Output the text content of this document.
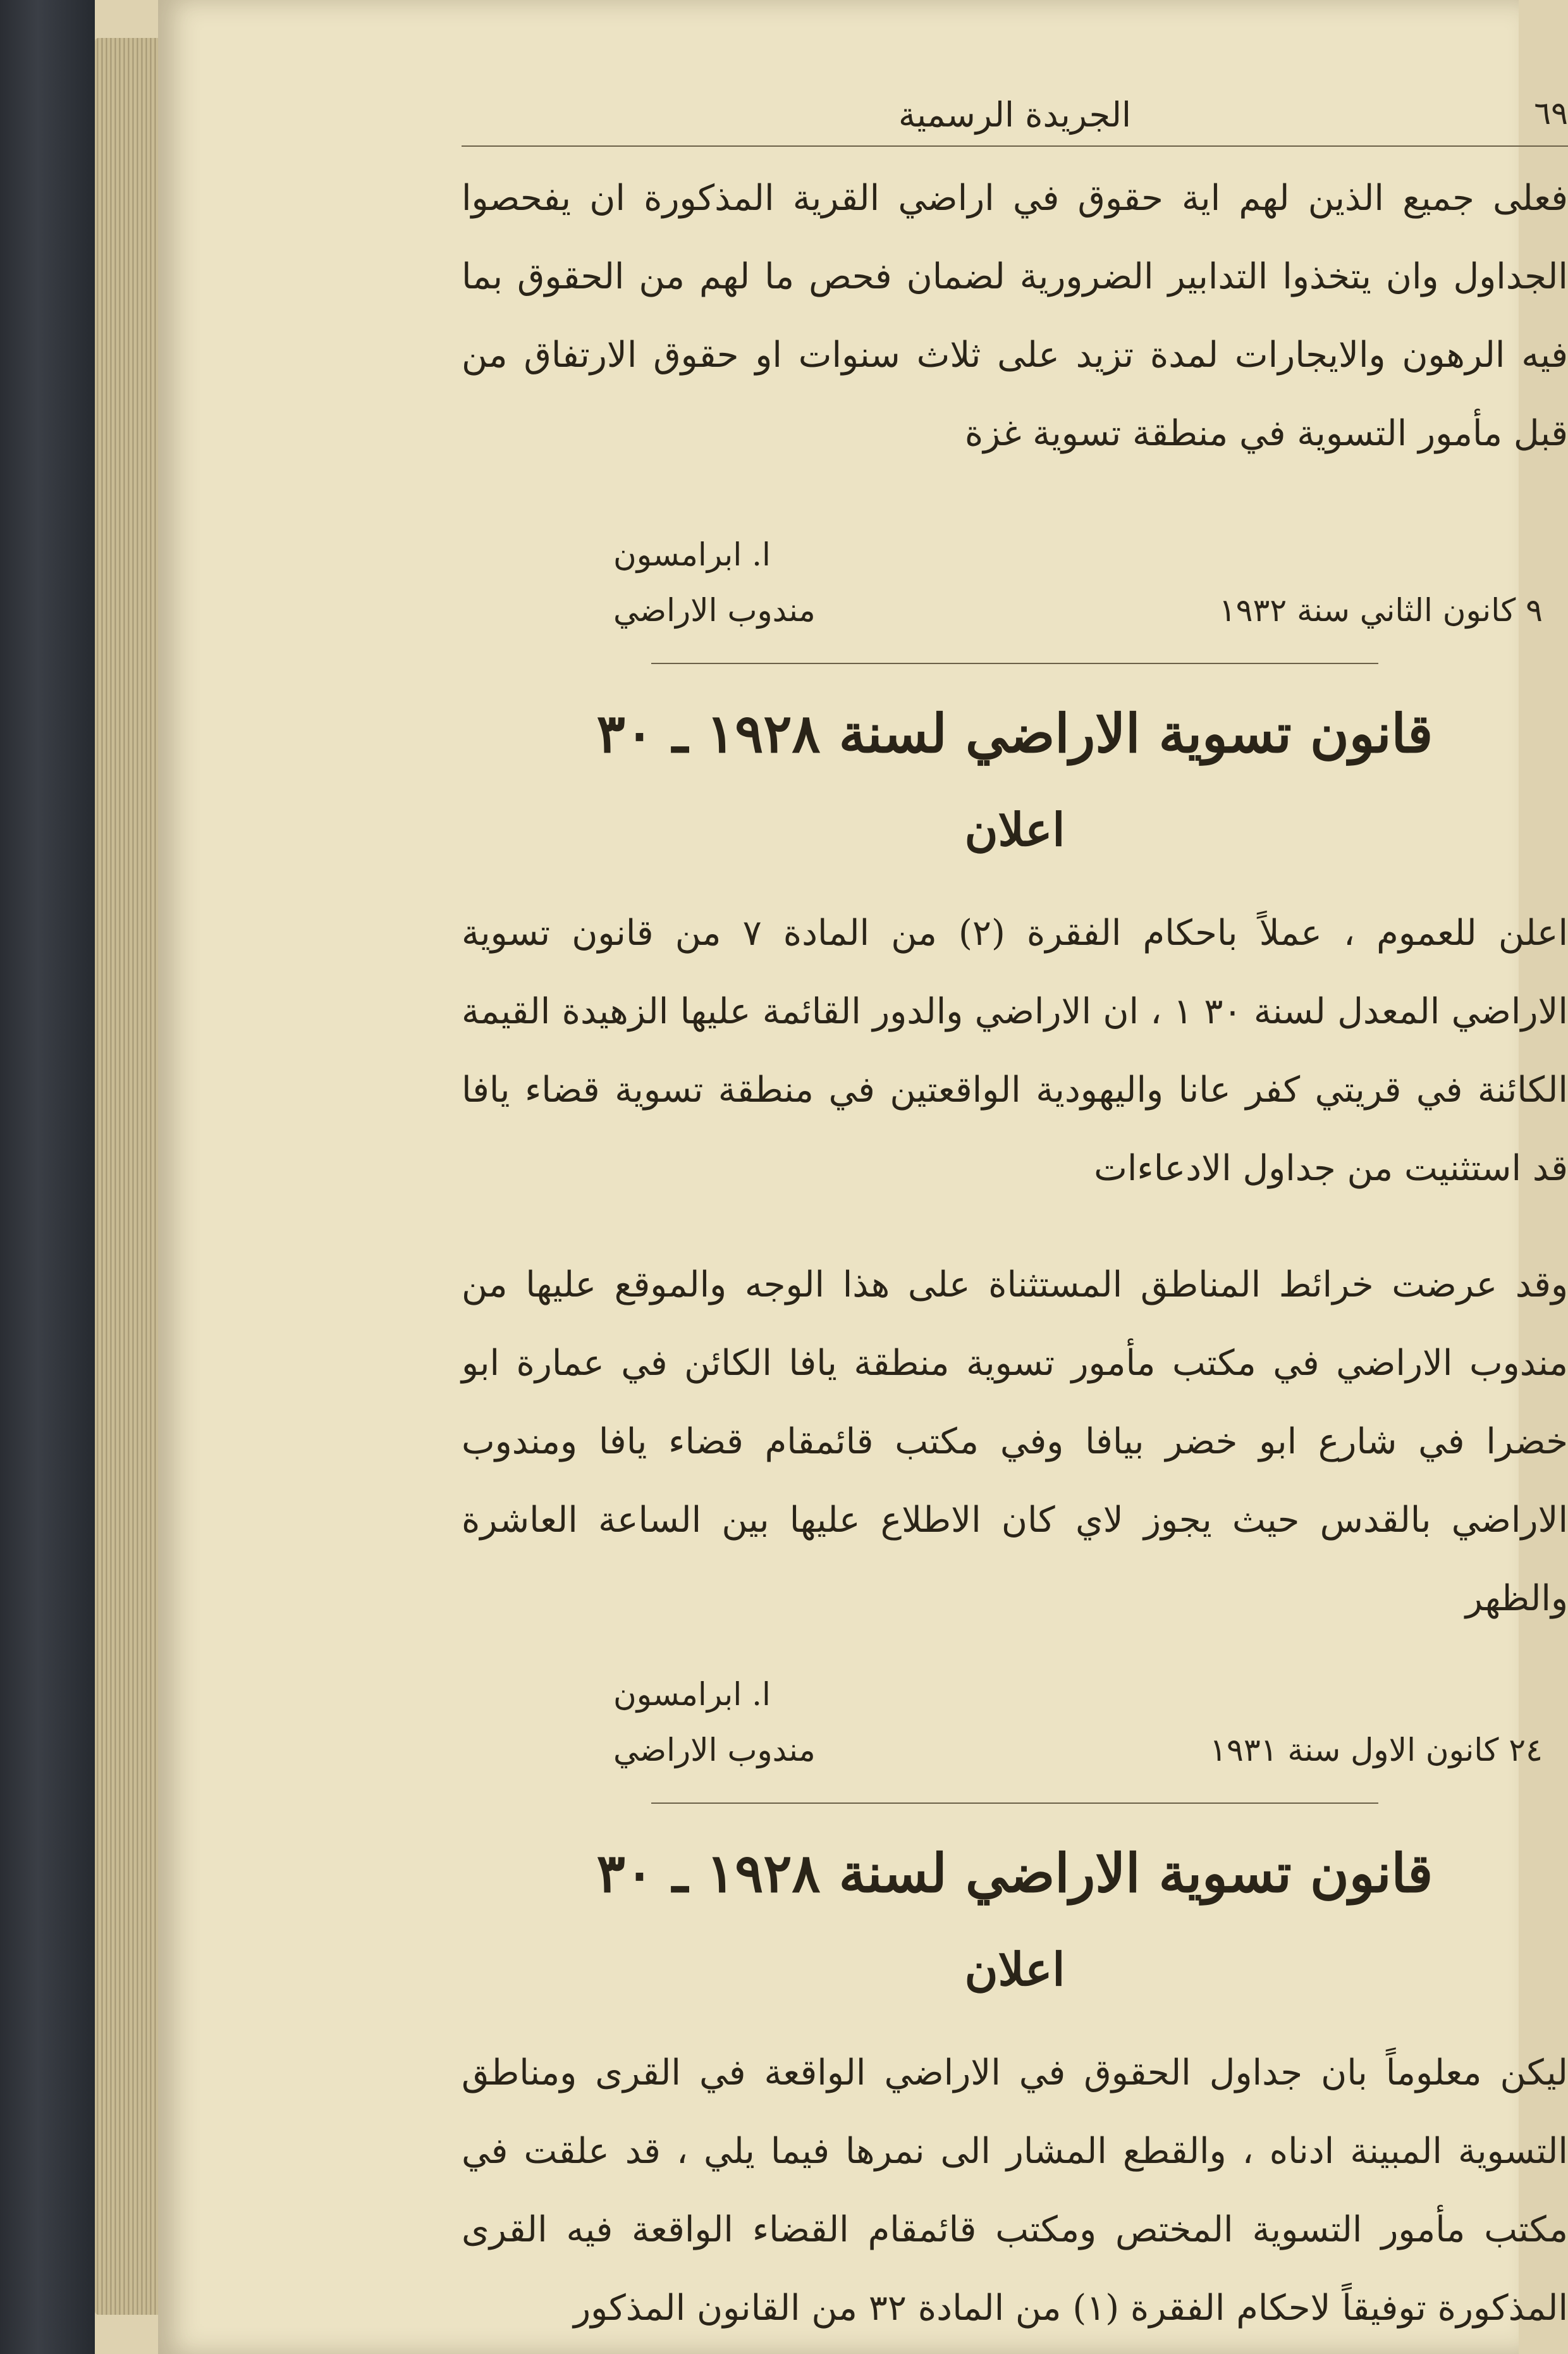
الجريدة الرسمية	٦٩

فعلى جميع الذين لهم اية حقوق في اراضي القرية المذكورة ان يفحصوا الجداول وان يتخذوا التدابير الضرورية لضمان فحص ما لهم من الحقوق بما فيه الرهون والايجارات لمدة تزيد على ثلاث سنوات او حقوق الارتفاق من قبل مأمور التسوية في منطقة تسوية غزة

ا. ابرامسون
مندوب الاراضي	٩ كانون الثاني سنة ١٩٣٢
قانون تسوية الاراضي لسنة ١٩٢٨ ـ ٣٠
اعلان

اعلن للعموم ، عملاً باحكام الفقرة (٢) من المادة ٧ من قانون تسوية الاراضي المعدل لسنة ٣٠ ١ ، ان الاراضي والدور القائمة عليها الزهيدة القيمة الكائنة في قريتي كفر عانا واليهودية الواقعتين في منطقة تسوية قضاء يافا قد استثنيت من جداول الادعاءات

وقد عرضت خرائط المناطق المستثناة على هذا الوجه والموقع عليها من مندوب الاراضي في مكتب مأمور تسوية منطقة يافا الكائن في عمارة ابو خضرا في شارع ابو خضر بيافا وفي مكتب قائمقام قضاء يافا ومندوب الاراضي بالقدس حيث يجوز لاي كان الاطلاع عليها بين الساعة العاشرة والظهر

ا. ابرامسون
مندوب الاراضي	٢٤ كانون الاول سنة ١٩٣١
قانون تسوية الاراضي لسنة ١٩٢٨ ـ ٣٠
اعلان

ليكن معلوماً بان جداول الحقوق في الاراضي الواقعة في القرى ومناطق التسوية المبينة ادناه ، والقطع المشار الى نمرها فيما يلي ، قد علقت في مكتب مأمور التسوية المختص ومكتب قائمقام القضاء الواقعة فيه القرى المذكورة توفيقاً لاحكام الفقرة (١) من المادة ٣٢ من القانون المذكور
